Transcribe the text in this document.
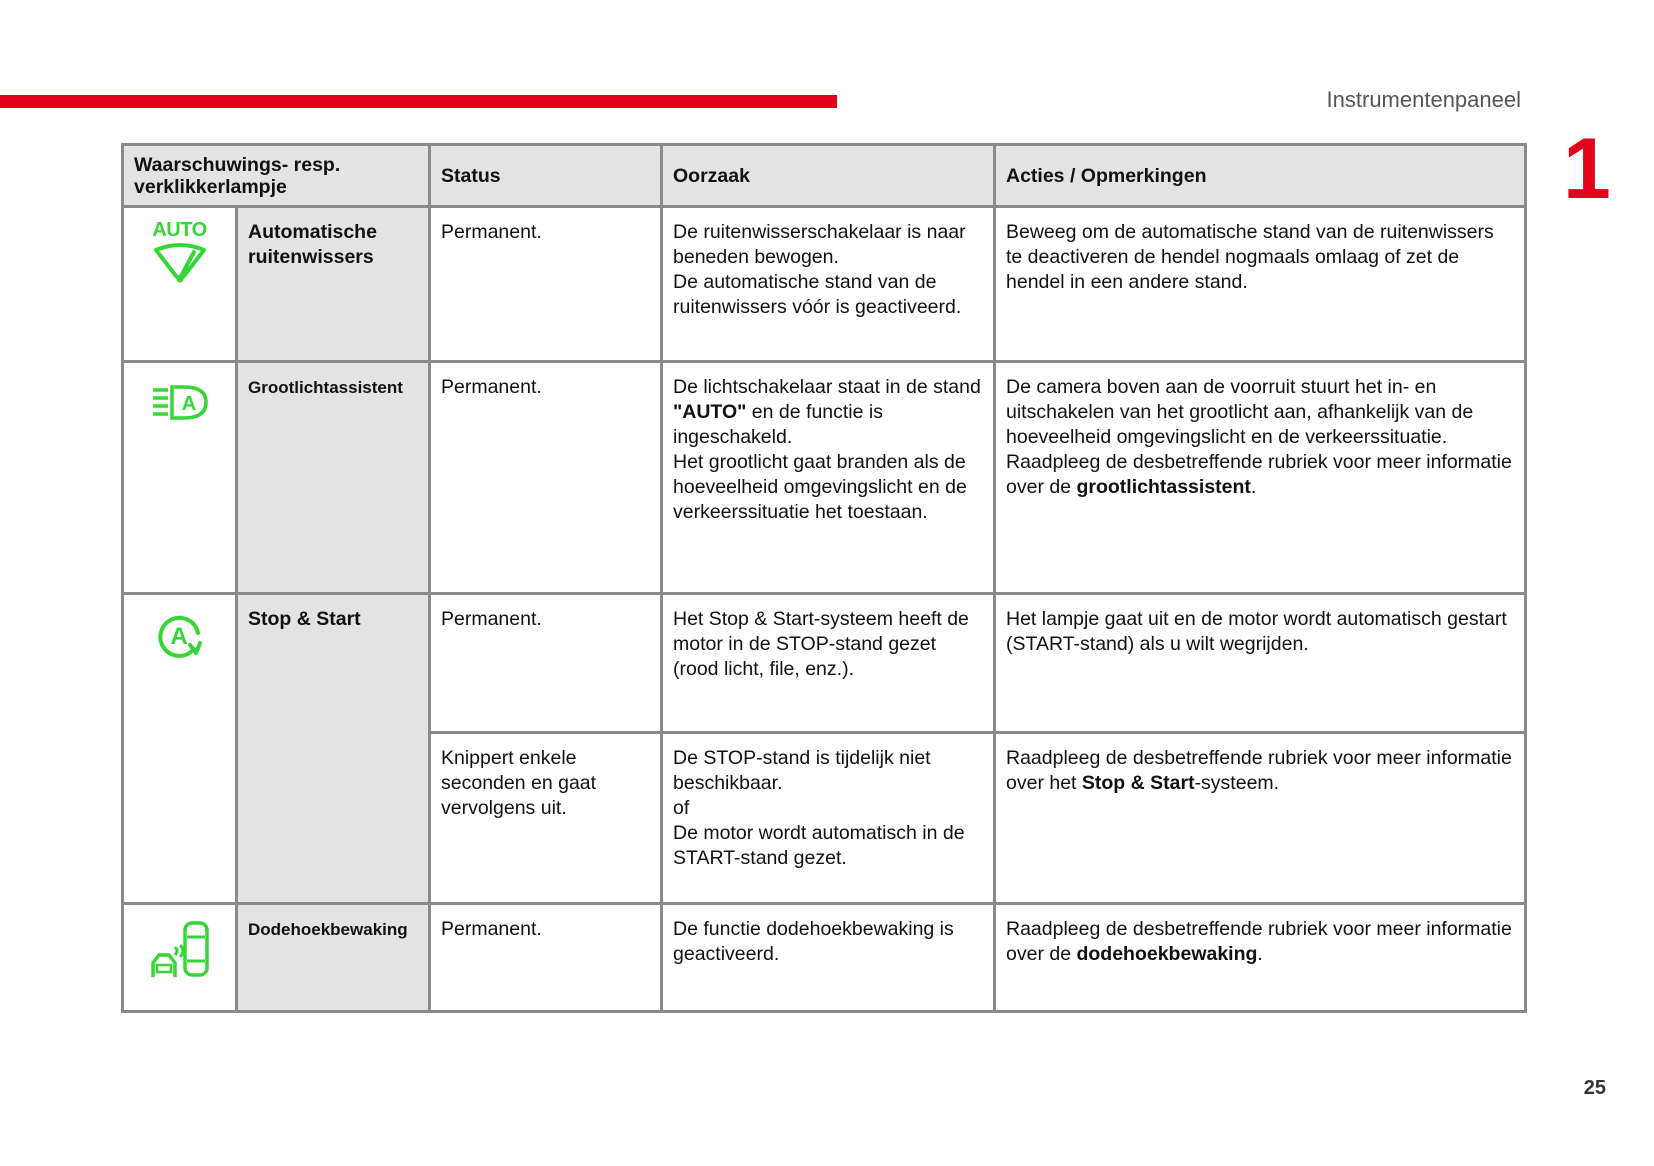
Instrumentenpaneel
1
Waarschuwings- resp. verklikkerlampje		Status	Oorzaak	Acties / Opmerkingen

AUTO	Automatische ruitenwissers	Permanent.	De ruitenwisserschakelaar is naar beneden bewogen.
De automatische stand van de ruitenwissers vóór is geactiveerd.	Beweeg om de automatische stand van de ruitenwissers te deactiveren de hendel nogmaals omlaag of zet de hendel in een andere stand.

A	Grootlichtassistent	Permanent.	De lichtschakelaar staat in de stand "AUTO" en de functie is ingeschakeld.
Het grootlicht gaat branden als de hoeveelheid omgevingslicht en de verkeerssituatie het toestaan.	De camera boven aan de voorruit stuurt het in- en uitschakelen van het grootlicht aan, afhankelijk van de hoeveelheid omgevingslicht en de verkeerssituatie. Raadpleeg de desbetreffende rubriek voor meer informatie over de grootlichtassistent.

A	Stop & Start	Permanent.	Het Stop & Start-systeem heeft de motor in de STOP-stand gezet (rood licht, file, enz.).	Het lampje gaat uit en de motor wordt automatisch gestart (START-stand) als u wilt wegrijden.
		Knippert enkele seconden en gaat vervolgens uit.	De STOP-stand is tijdelijk niet beschikbaar.
of
De motor wordt automatisch in de START-stand gezet.	Raadpleeg de desbetreffende rubriek voor meer informatie over het Stop & Start-systeem.

	Dodehoekbewaking	Permanent.	De functie dodehoekbewaking is geactiveerd.	Raadpleeg de desbetreffende rubriek voor meer informatie over de dodehoekbewaking.
25
